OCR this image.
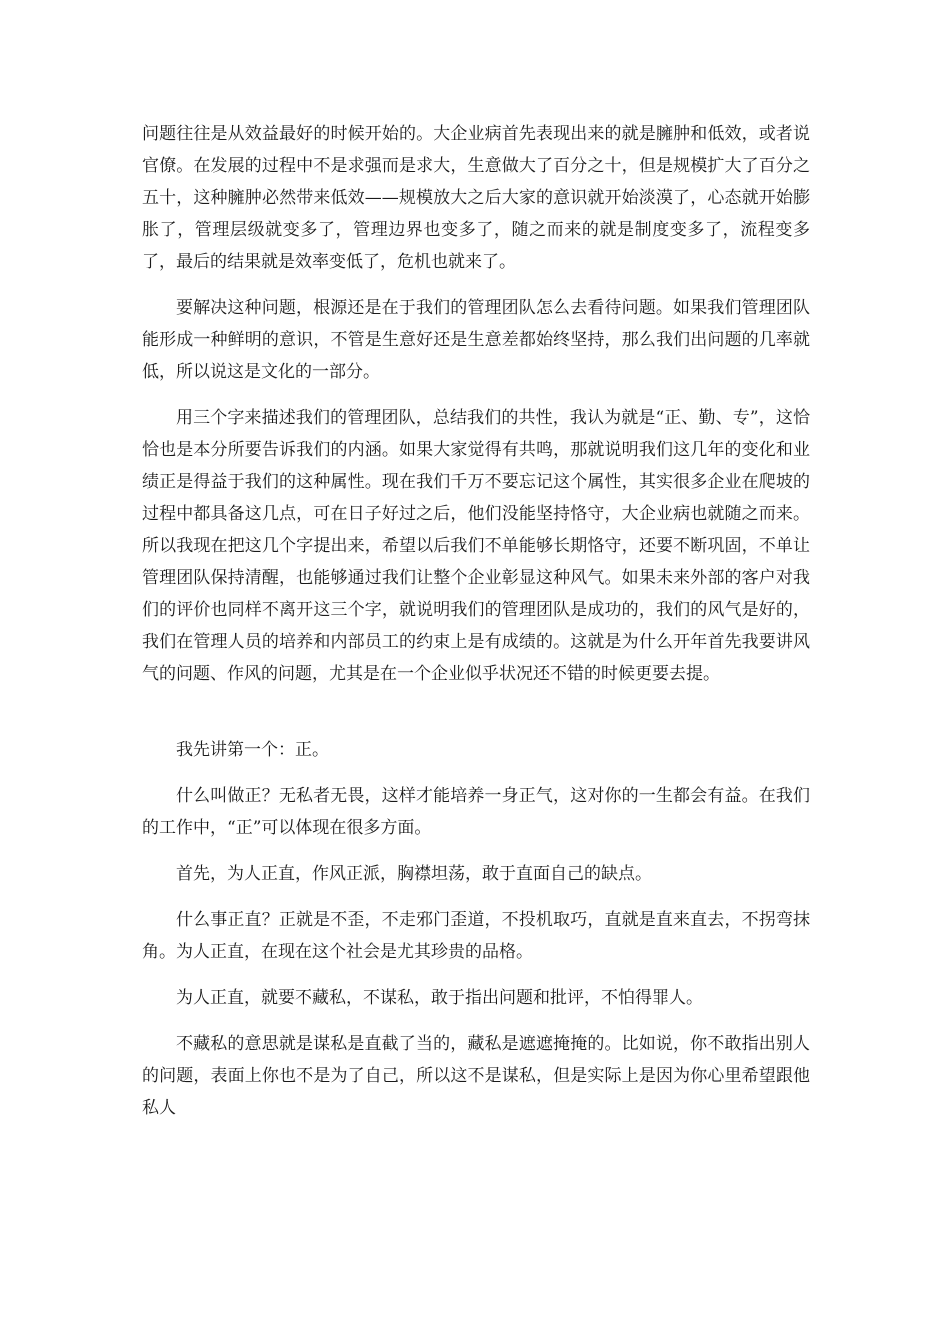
问题往往是从效益最好的时候开始的。大企业病首先表现出来的就是臃肿和低效，或者说官僚。在发展的过程中不是求强而是求大，生意做大了百分之十，但是规模扩大了百分之五十，这种臃肿必然带来低效——规模放大之后大家的意识就开始淡漠了，心态就开始膨胀了，管理层级就变多了，管理边界也变多了，随之而来的就是制度变多了，流程变多了，最后的结果就是效率变低了，危机也就来了。

要解决这种问题，根源还是在于我们的管理团队怎么去看待问题。如果我们管理团队能形成一种鲜明的意识，不管是生意好还是生意差都始终坚持，那么我们出问题的几率就低，所以说这是文化的一部分。

用三个字来描述我们的管理团队，总结我们的共性，我认为就是“正、勤、专”，这恰恰也是本分所要告诉我们的内涵。如果大家觉得有共鸣，那就说明我们这几年的变化和业绩正是得益于我们的这种属性。现在我们千万不要忘记这个属性，其实很多企业在爬坡的过程中都具备这几点，可在日子好过之后，他们没能坚持恪守，大企业病也就随之而来。所以我现在把这几个字提出来，希望以后我们不单能够长期恪守，还要不断巩固，不单让管理团队保持清醒，也能够通过我们让整个企业彰显这种风气。如果未来外部的客户对我们的评价也同样不离开这三个字，就说明我们的管理团队是成功的，我们的风气是好的，我们在管理人员的培养和内部员工的约束上是有成绩的。这就是为什么开年首先我要讲风气的问题、作风的问题，尤其是在一个企业似乎状况还不错的时候更要去提。

我先讲第一个：正。

什么叫做正？无私者无畏，这样才能培养一身正气，这对你的一生都会有益。在我们的工作中，“正”可以体现在很多方面。

首先，为人正直，作风正派，胸襟坦荡，敢于直面自己的缺点。

什么事正直？正就是不歪，不走邪门歪道，不投机取巧，直就是直来直去，不拐弯抹角。为人正直，在现在这个社会是尤其珍贵的品格。

为人正直，就要不藏私，不谋私，敢于指出问题和批评，不怕得罪人。

不藏私的意思就是谋私是直截了当的，藏私是遮遮掩掩的。比如说，你不敢指出别人的问题，表面上你也不是为了自己，所以这不是谋私，但是实际上是因为你心里希望跟他私人
